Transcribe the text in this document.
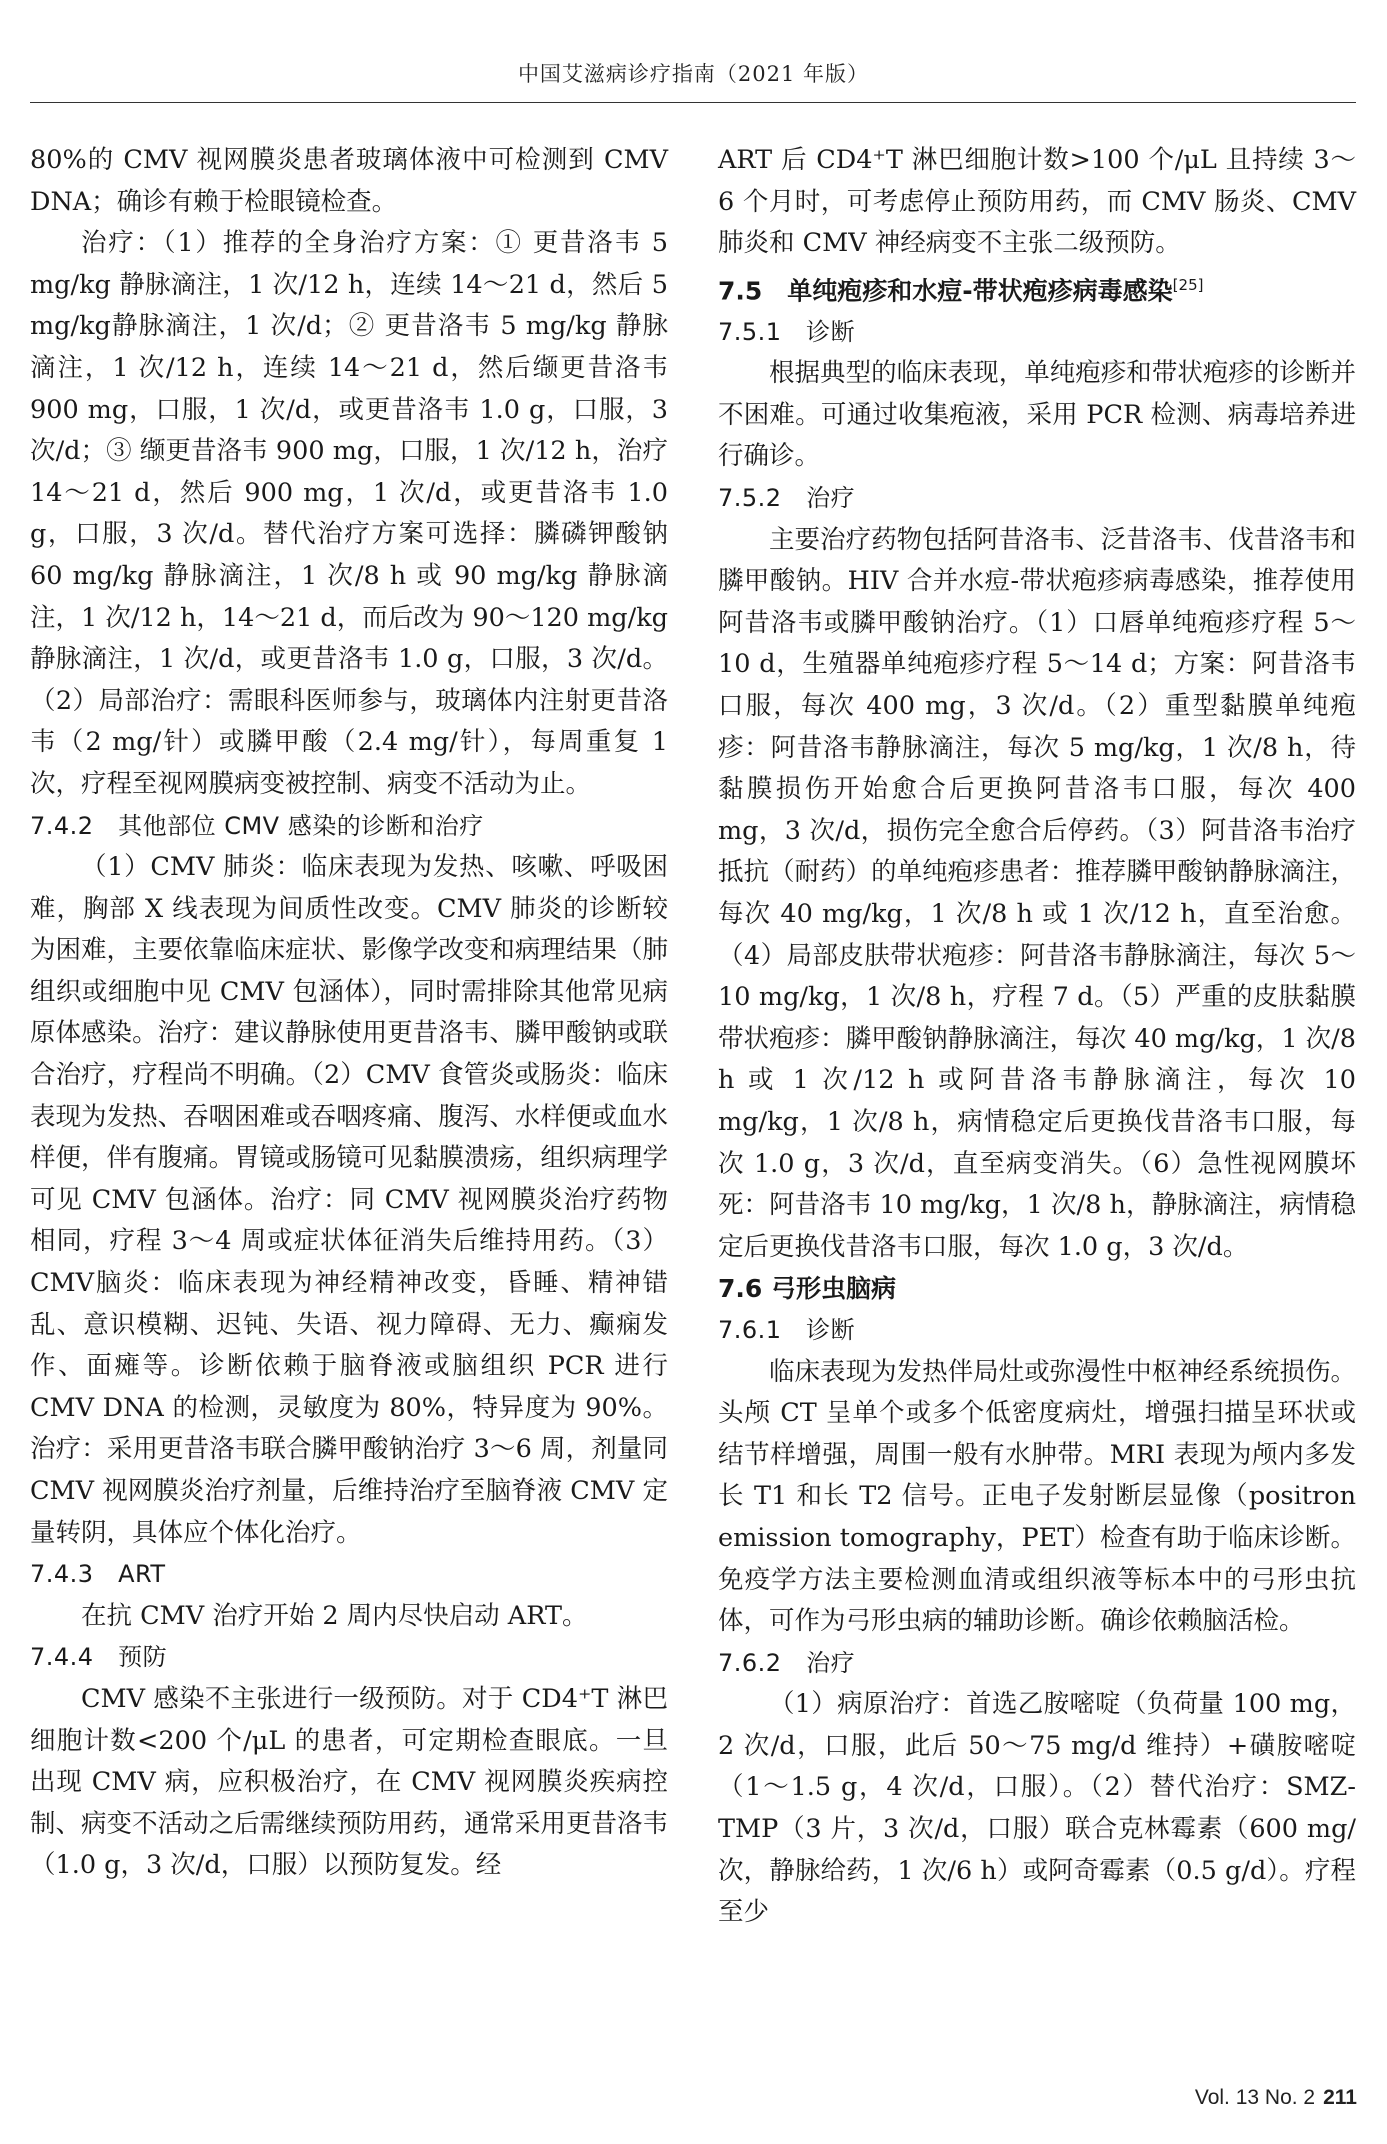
中国艾滋病诊疗指南（2021 年版）

80%的 CMV 视网膜炎患者玻璃体液中可检测到 CMV DNA；确诊有赖于检眼镜检查。

治疗：（1）推荐的全身治疗方案：① 更昔洛韦 5 mg/kg 静脉滴注，1 次/12 h，连续 14～21 d，然后 5 mg/kg静脉滴注，1 次/d；② 更昔洛韦 5 mg/kg 静脉滴注，1 次/12 h，连续 14～21 d，然后缬更昔洛韦 900 mg，口服，1 次/d，或更昔洛韦 1.0 g，口服，3 次/d；③ 缬更昔洛韦 900 mg，口服，1 次/12 h，治疗 14～21 d，然后 900 mg，1 次/d，或更昔洛韦 1.0 g，口服，3 次/d。替代治疗方案可选择：膦磷钾酸钠 60 mg/kg 静脉滴注，1 次/8 h 或 90 mg/kg 静脉滴注，1 次/12 h，14～21 d，而后改为 90～120 mg/kg 静脉滴注，1 次/d，或更昔洛韦 1.0 g，口服，3 次/d。（2）局部治疗：需眼科医师参与，玻璃体内注射更昔洛韦（2 mg/针）或膦甲酸（2.4 mg/针），每周重复 1 次，疗程至视网膜病变被控制、病变不活动为止。

7.4.2　其他部位 CMV 感染的诊断和治疗

（1）CMV 肺炎：临床表现为发热、咳嗽、呼吸困难，胸部 X 线表现为间质性改变。CMV 肺炎的诊断较为困难，主要依靠临床症状、影像学改变和病理结果（肺组织或细胞中见 CMV 包涵体），同时需排除其他常见病原体感染。治疗：建议静脉使用更昔洛韦、膦甲酸钠或联合治疗，疗程尚不明确。（2）CMV 食管炎或肠炎：临床表现为发热、吞咽困难或吞咽疼痛、腹泻、水样便或血水样便，伴有腹痛。胃镜或肠镜可见黏膜溃疡，组织病理学可见 CMV 包涵体。治疗：同 CMV 视网膜炎治疗药物相同，疗程 3～4 周或症状体征消失后维持用药。（3）CMV脑炎：临床表现为神经精神改变，昏睡、精神错乱、意识模糊、迟钝、失语、视力障碍、无力、癫痫发作、面瘫等。诊断依赖于脑脊液或脑组织 PCR 进行 CMV DNA 的检测，灵敏度为 80%，特异度为 90%。治疗：采用更昔洛韦联合膦甲酸钠治疗 3～6 周，剂量同 CMV 视网膜炎治疗剂量，后维持治疗至脑脊液 CMV 定量转阴，具体应个体化治疗。

7.4.3　ART

在抗 CMV 治疗开始 2 周内尽快启动 ART。

7.4.4　预防

CMV 感染不主张进行一级预防。对于 CD4⁺T 淋巴细胞计数<200 个/μL 的患者，可定期检查眼底。一旦出现 CMV 病，应积极治疗，在 CMV 视网膜炎疾病控制、病变不活动之后需继续预防用药，通常采用更昔洛韦（1.0 g，3 次/d，口服）以预防复发。经

ART 后 CD4⁺T 淋巴细胞计数>100 个/μL 且持续 3～6 个月时，可考虑停止预防用药，而 CMV 肠炎、CMV 肺炎和 CMV 神经病变不主张二级预防。

7.5　单纯疱疹和水痘-带状疱疹病毒感染[25]

7.5.1　诊断

根据典型的临床表现，单纯疱疹和带状疱疹的诊断并不困难。可通过收集疱液，采用 PCR 检测、病毒培养进行确诊。

7.5.2　治疗

主要治疗药物包括阿昔洛韦、泛昔洛韦、伐昔洛韦和膦甲酸钠。HIV 合并水痘-带状疱疹病毒感染，推荐使用阿昔洛韦或膦甲酸钠治疗。（1）口唇单纯疱疹疗程 5～10 d，生殖器单纯疱疹疗程 5～14 d；方案：阿昔洛韦口服，每次 400 mg，3 次/d。（2）重型黏膜单纯疱疹：阿昔洛韦静脉滴注，每次 5 mg/kg，1 次/8 h，待黏膜损伤开始愈合后更换阿昔洛韦口服，每次 400 mg，3 次/d，损伤完全愈合后停药。（3）阿昔洛韦治疗抵抗（耐药）的单纯疱疹患者：推荐膦甲酸钠静脉滴注，每次 40 mg/kg，1 次/8 h 或 1 次/12 h，直至治愈。（4）局部皮肤带状疱疹：阿昔洛韦静脉滴注，每次 5～10 mg/kg，1 次/8 h，疗程 7 d。（5）严重的皮肤黏膜带状疱疹：膦甲酸钠静脉滴注，每次 40 mg/kg，1 次/8 h 或 1 次/12 h 或阿昔洛韦静脉滴注，每次 10 mg/kg，1 次/8 h，病情稳定后更换伐昔洛韦口服，每次 1.0 g，3 次/d，直至病变消失。（6）急性视网膜坏死：阿昔洛韦 10 mg/kg，1 次/8 h，静脉滴注，病情稳定后更换伐昔洛韦口服，每次 1.0 g，3 次/d。

7.6 弓形虫脑病

7.6.1　诊断

临床表现为发热伴局灶或弥漫性中枢神经系统损伤。头颅 CT 呈单个或多个低密度病灶，增强扫描呈环状或结节样增强，周围一般有水肿带。MRI 表现为颅内多发长 T1 和长 T2 信号。正电子发射断层显像（positron emission tomography，PET）检查有助于临床诊断。免疫学方法主要检测血清或组织液等标本中的弓形虫抗体，可作为弓形虫病的辅助诊断。确诊依赖脑活检。

7.6.2　治疗

（1）病原治疗：首选乙胺嘧啶（负荷量 100 mg，2 次/d，口服，此后 50～75 mg/d 维持）+磺胺嘧啶（1～1.5 g，4 次/d，口服）。（2）替代治疗：SMZ-TMP（3 片，3 次/d，口服）联合克林霉素（600 mg/次，静脉给药，1 次/6 h）或阿奇霉素（0.5 g/d）。疗程至少

Vol. 13 No. 2 211
